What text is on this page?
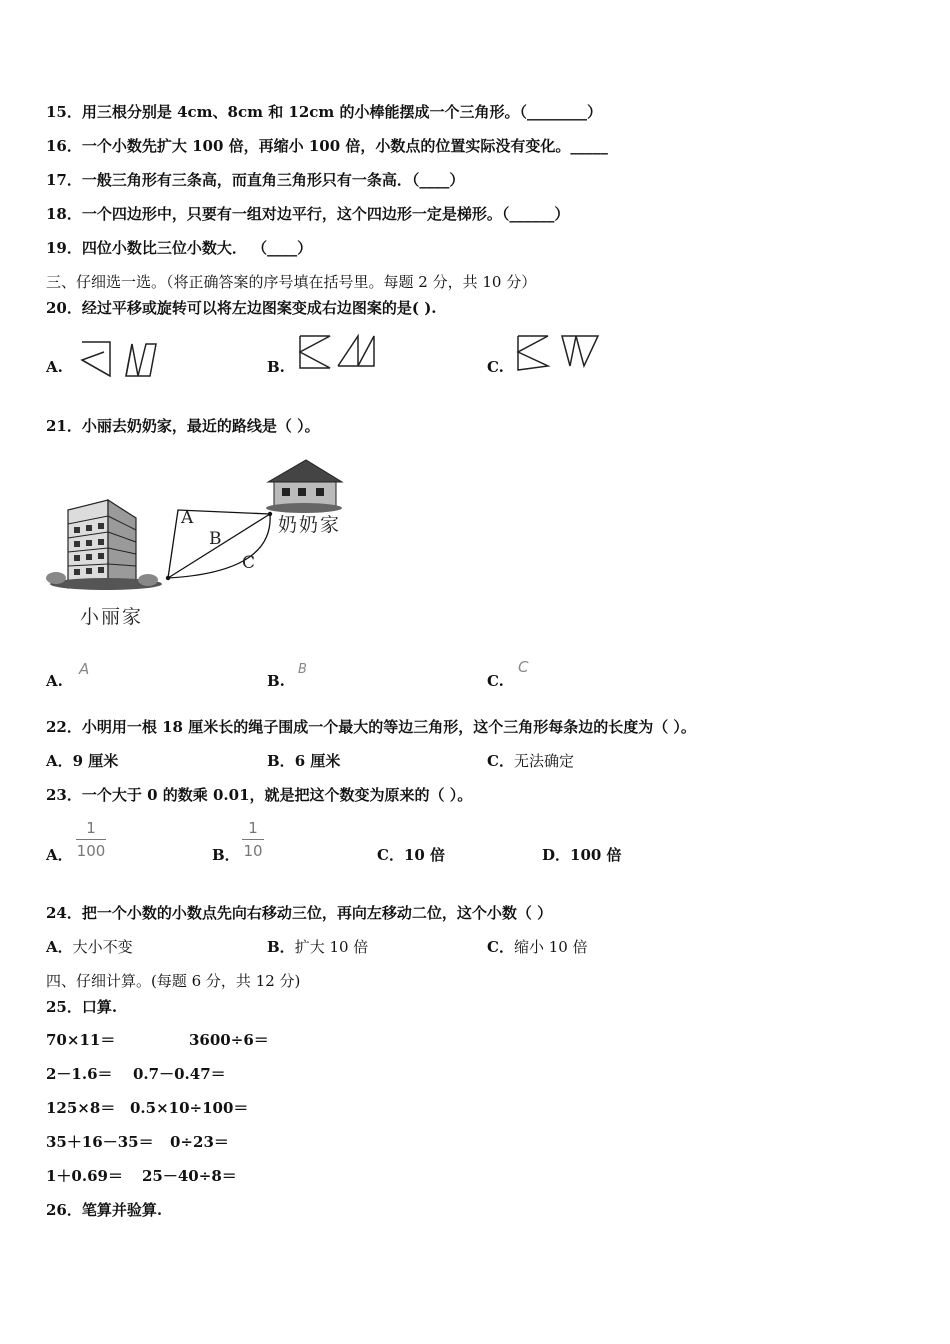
15．用三根分别是 4cm、8cm 和 12cm 的小棒能摆成一个三角形。（________）
16．一个小数先扩大 100 倍，再缩小 100 倍，小数点的位置实际没有变化。_____
17．一般三角形有三条高，而直角三角形只有一条高．（____）
18．一个四边形中，只要有一组对边平行，这个四边形一定是梯形。（______）
19．四位小数比三位小数大． （____）
三、仔细选一选。（将正确答案的序号填在括号里。每题 2 分，共 10 分）
20．经过平移或旋转可以将左边图案变成右边图案的是( ).
A.	B.	C.
21．小丽去奶奶家，最近的路线是（ ）。
A
B
C
奶奶家
小丽家
A.
A
B.
B
C.
C
22．小明用一根 18 厘米长的绳子围成一个最大的等边三角形，这个三角形每条边的长度为（ ）。
A．9 厘米	B．6 厘米	C．无法确定
23．一个大于 0 的数乘 0.01，就是把这个数变为原来的（ ）。
A．
1
100	B．
1
10	C．10 倍	D．100 倍
24．把一个小数的小数点先向右移动三位，再向左移动二位，这个小数（ ）
A．大小不变	B．扩大 10 倍	C．缩小 10 倍
四、仔细计算。(每题 6 分，共 12 分)
25．口算.
70×11＝	3600÷6＝
2－1.6＝ 0.7－0.47＝
125×8＝ 0.5×10÷100＝
35＋16－35＝ 0÷23＝
1＋0.69＝ 25－40÷8＝
26．笔算并验算.
